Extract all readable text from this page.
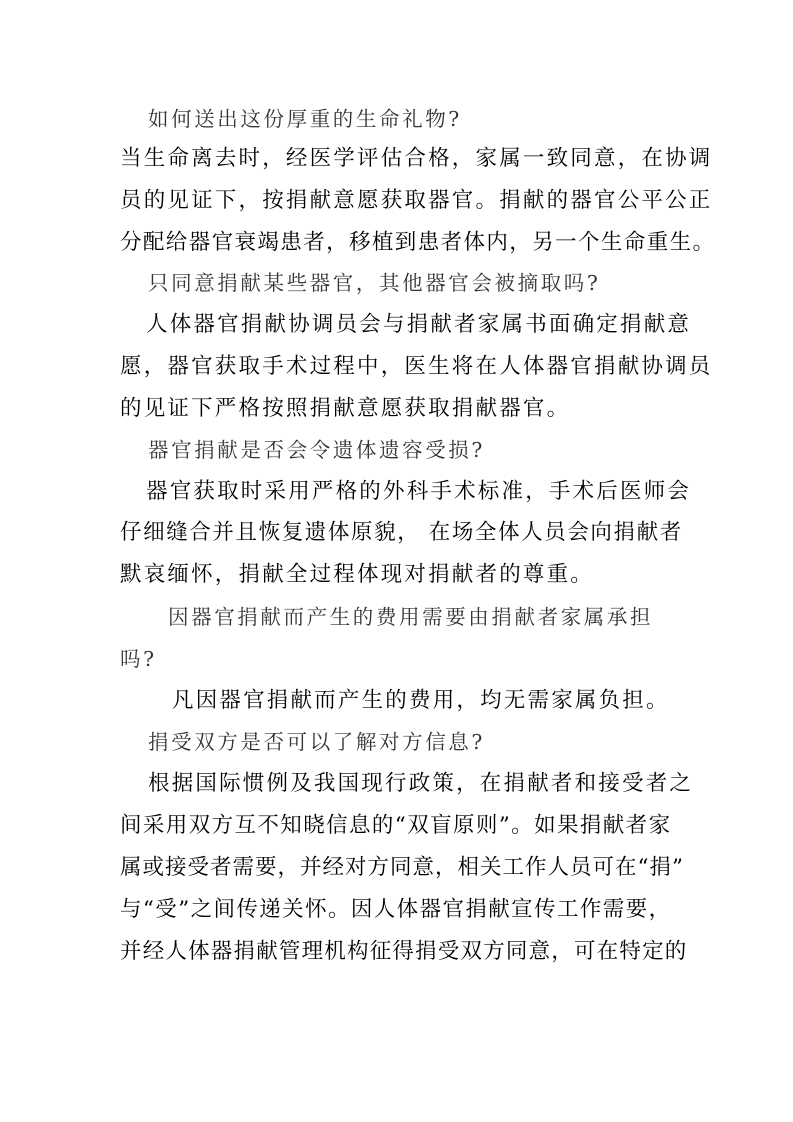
如何送出这份厚重的生命礼物?
当生命离去时，经医学评估合格，家属一致同意，在协调
员的见证下，按捐献意愿获取器官。捐献的器官公平公正
分配给器官衰竭患者，移植到患者体内，另一个生命重生。
只同意捐献某些器官，其他器官会被摘取吗?
人体器官捐献协调员会与捐献者家属书面确定捐献意
愿，器官获取手术过程中，医生将在人体器官捐献协调员
的见证下严格按照捐献意愿获取捐献器官。
器官捐献是否会令遗体遗容受损?
器官获取时采用严格的外科手术标准，手术后医师会
仔细缝合并且恢复遗体原貌， 在场全体人员会向捐献者
默哀缅怀，捐献全过程体现对捐献者的尊重。
因器官捐献而产生的费用需要由捐献者家属承担
吗?
凡因器官捐献而产生的费用，均无需家属负担。
捐受双方是否可以了解对方信息?
根据国际惯例及我国现行政策，在捐献者和接受者之
间采用双方互不知晓信息的“双盲原则”。如果捐献者家
属或接受者需要，并经对方同意，相关工作人员可在“捐”
与“受”之间传递关怀。因人体器官捐献宣传工作需要，
并经人体器捐献管理机构征得捐受双方同意，可在特定的
